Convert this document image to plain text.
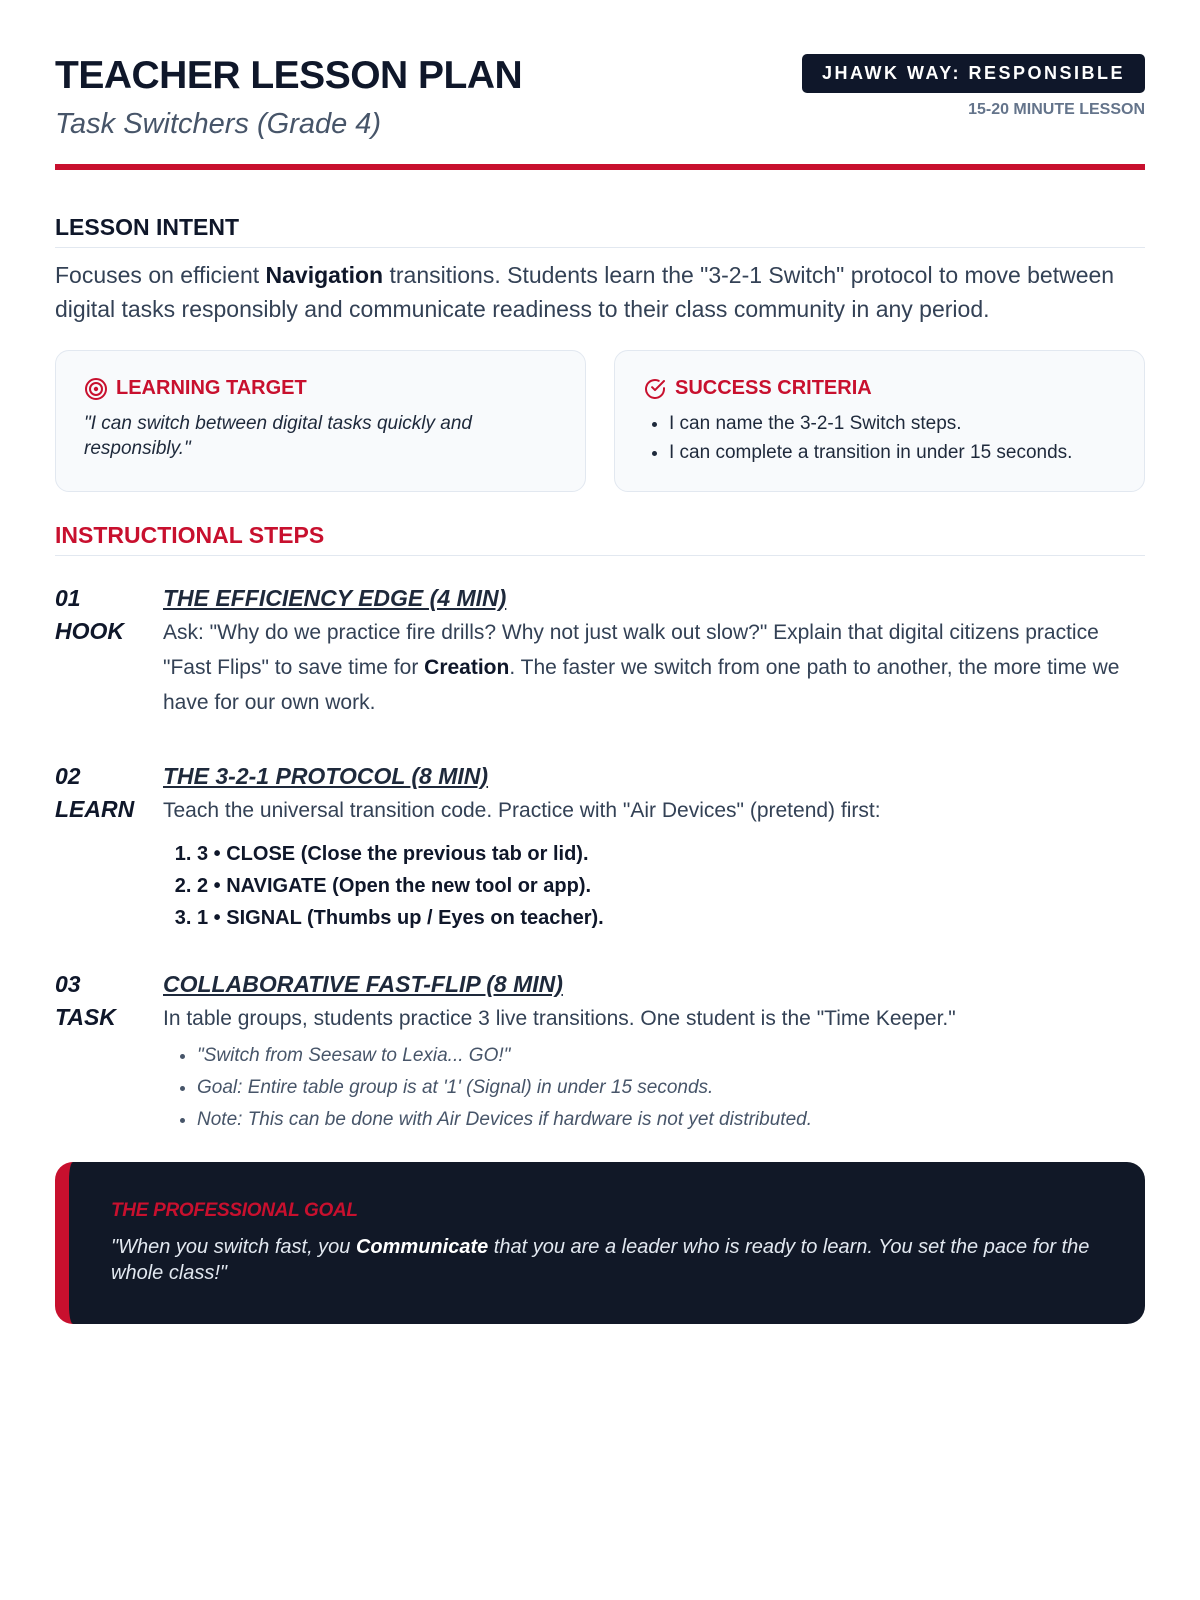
TEACHER LESSON PLAN
Task Switchers (Grade 4)
JHAWK WAY: RESPONSIBLE
15-20 MINUTE LESSON
LESSON INTENT

Focuses on efficient Navigation transitions. Students learn the "3-2-1 Switch" protocol to move between digital tasks responsibly and communicate readiness to their class community in any period.

LEARNING TARGET
"I can switch between digital tasks quickly and responsibly."
SUCCESS CRITERIA
• I can name the 3-2-1 Switch steps.
• I can complete a transition in under 15 seconds.
INSTRUCTIONAL STEPS
01
HOOK
THE EFFICIENCY EDGE (4 MIN)
Ask: "Why do we practice fire drills? Why not just walk out slow?" Explain that digital citizens practice "Fast Flips" to save time for Creation. The faster we switch from one path to another, the more time we have for our own work.
02
LEARN
THE 3-2-1 PROTOCOL (8 MIN)
Teach the universal transition code. Practice with "Air Devices" (pretend) first:
1. 3 • CLOSE (Close the previous tab or lid).
2. 2 • NAVIGATE (Open the new tool or app).
3. 1 • SIGNAL (Thumbs up / Eyes on teacher).
03
TASK
COLLABORATIVE FAST-FLIP (8 MIN)
In table groups, students practice 3 live transitions. One student is the "Time Keeper."
• "Switch from Seesaw to Lexia... GO!"
• Goal: Entire table group is at '1' (Signal) in under 15 seconds.
• Note: This can be done with Air Devices if hardware is not yet distributed.
THE PROFESSIONAL GOAL
"When you switch fast, you Communicate that you are a leader who is ready to learn. You set the pace for the whole class!"
